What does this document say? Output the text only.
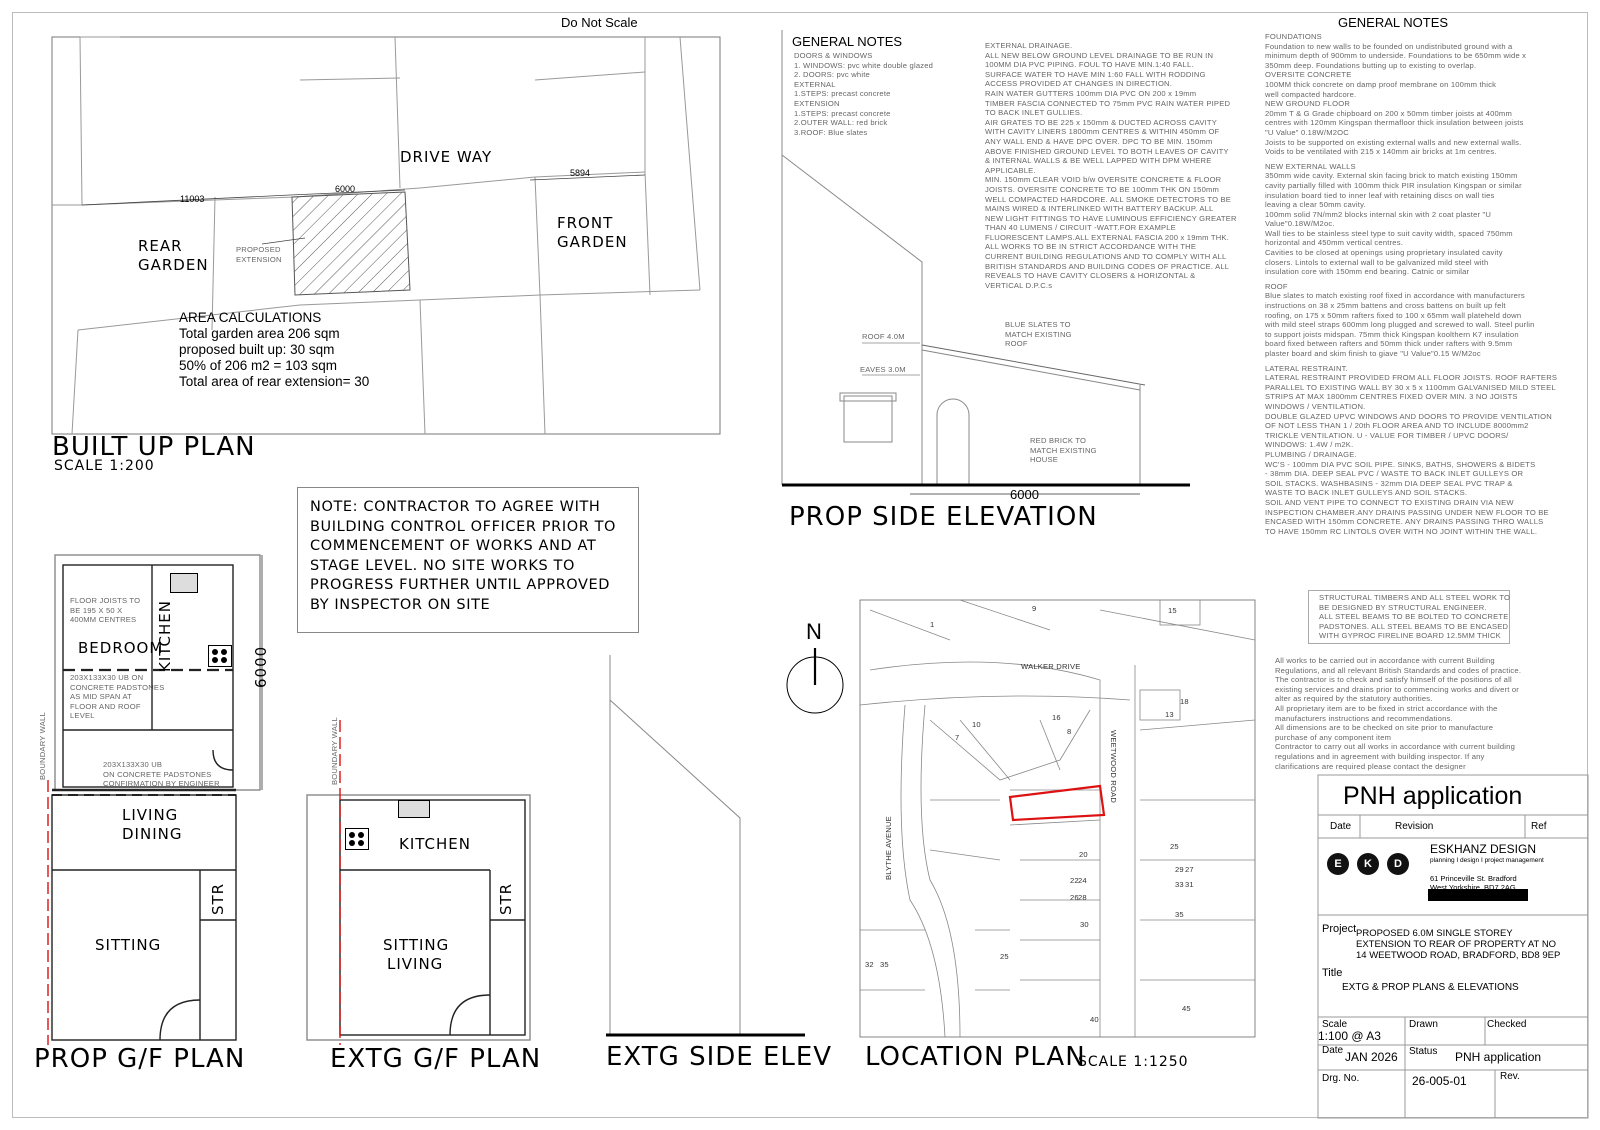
Do Not Scale
DRIVE WAY
REAR
GARDEN
FRONT
GARDEN
PROPOSED
EXTENSION
11003
6000
5894
AREA CALCULATIONS
Total garden area 206 sqm
proposed built up: 30 sqm
50% of 206 m2 = 103 sqm
Total area of rear extension= 30
BUILT UP PLAN
SCALE 1:200
NOTE: CONTRACTOR TO AGREE WITH
BUILDING CONTROL OFFICER PRIOR TO
COMMENCEMENT OF WORKS AND AT
STAGE LEVEL. NO SITE WORKS TO
PROGRESS FURTHER UNTIL APPROVED
BY INSPECTOR ON SITE
FLOOR JOISTS TO
BE 195 X 50 X
400MM CENTRES
BEDROOM
KITCHEN
203X133X30 UB ON
CONCRETE PADSTONES
AS MID SPAN AT
FLOOR AND ROOF
LEVEL
203X133X30 UB
ON CONCRETE PADSTONES
CONFIRMATION BY ENGINEER
BOUNDARY WALL
6000
LIVING
DINING
SITTING
STR
PROP G/F PLAN
KITCHEN
SITTING
LIVING
STR
BOUNDARY WALL
EXTG G/F PLAN EXTG SIDE ELEV
GENERAL NOTES
DOORS & WINDOWS
1. WINDOWS: pvc white double glazed
2. DOORS: pvc white
EXTERNAL
1.STEPS: precast concrete
EXTENSION
1.STEPS: precast concrete
2.OUTER WALL: red brick
3.ROOF: Blue slates
EXTERNAL DRAINAGE.
ALL NEW BELOW GROUND LEVEL DRAINAGE TO BE RUN IN
100MM DIA PVC PIPING. FOUL TO HAVE MIN.1:40 FALL.
SURFACE WATER TO HAVE MIN 1:60 FALL WITH RODDING
ACCESS PROVIDED AT CHANGES IN DIRECTION.
RAIN WATER GUTTERS 100mm DIA PVC ON 200 x 19mm
TIMBER FASCIA CONNECTED TO 75mm PVC RAIN WATER PIPED
TO BACK INLET GULLIES.
AIR GRATES TO BE 225 x 150mm & DUCTED ACROSS CAVITY
WITH CAVITY LINERS 1800mm CENTRES & WITHIN 450mm OF
ANY WALL END & HAVE DPC OVER. DPC TO BE MIN. 150mm
ABOVE FINISHED GROUND LEVEL TO BOTH LEAVES OF CAVITY
& INTERNAL WALLS & BE WELL LAPPED WITH DPM WHERE
APPLICABLE.
MIN. 150mm CLEAR VOID b/w OVERSITE CONCRETE & FLOOR
JOISTS. OVERSITE CONCRETE TO BE 100mm THK ON 150mm
WELL COMPACTED HARDCORE. ALL SMOKE DETECTORS TO BE
MAINS WIRED & INTERLINKED WITH BATTERY BACKUP. ALL
NEW LIGHT FITTINGS TO HAVE LUMINOUS EFFICIENCY GREATER
THAN 40 LUMENS / CIRCUIT -WATT.FOR EXAMPLE
FLUORESCENT LAMPS.ALL EXTERNAL FASCIA 200 x 19mm THK.
ALL WORKS TO BE IN STRICT ACCORDANCE WITH THE
CURRENT BUILDING REGULATIONS AND TO COMPLY WITH ALL
BRITISH STANDARDS AND BUILDING CODES OF PRACTICE. ALL
REVEALS TO HAVE CAVITY CLOSERS & HORIZONTAL &
VERTICAL D.P.C.s
ROOF 4.0M
EAVES 3.0M
BLUE SLATES TO
MATCH EXISTING
ROOF
RED BRICK TO
MATCH EXISTING
HOUSE
6000
PROP SIDE ELEVATION
GENERAL NOTES
FOUNDATIONS
Foundation to new walls to be founded on undistributed ground with a
minimum depth of 900mm to underside. Foundations to be 650mm wide x
350mm deep. Foundations butting up to existing to overlap.
OVERSITE CONCRETE
100MM thick concrete on damp proof membrane on 100mm thick
well compacted hardcore.
NEW GROUND FLOOR
20mm T & G Grade chipboard on 200 x 50mm timber joists at 400mm
centres with 120mm Kingspan thermafloor thick insulation between joists
"U Value" 0.18W/M2OC
Joists to be supported on existing external walls and new external walls.
Voids to be ventilated with 215 x 140mm air bricks at 1m centres.
NEW EXTERNAL WALLS
350mm wide cavity. External skin facing brick to match existing 150mm
cavity partially filled with 100mm thick PIR insulation Kingspan or similar
insulation board tied to inner leaf with retaining discs on wall ties
leaving a clear 50mm cavity.
100mm solid 7N/mm2 blocks internal skin with 2 coat plaster "U
Value"0.18W/M2oc.
Wall ties to be stainless steel type to suit cavity width, spaced 750mm
horizontal and 450mm vertical centres.
Cavities to be closed at openings using proprietary insulated cavity
closers. Lintols to external wall to be galvanized mild steel with
insulation core with 150mm end bearing. Catnic or similar
ROOF
Blue slates to match existing roof fixed in accordance with manufacturers
instructions on 38 x 25mm battens and cross battens on built up felt
roofing, on 175 x 50mm rafters fixed to 100 x 65mm wall plateheld down
with mild steel straps 600mm long plugged and screwed to wall. Steel purlin
to support joists midspan. 75mm thick Kingspan koolthern K7 insulation
board fixed between rafters and 50mm thick under rafters with 9.5mm
plaster board and skim finish to giave "U Value"0.15 W/M2oc
LATERAL RESTRAINT.
LATERAL RESTRAINT PROVIDED FROM ALL FLOOR JOISTS. ROOF RAFTERS
PARALLEL TO EXISTING WALL BY 30 x 5 x 1100mm GALVANISED MILD STEEL
STRIPS AT MAX 1800mm CENTRES FIXED OVER MIN. 3 NO JOISTS
WINDOWS / VENTILATION.
DOUBLE GLAZED UPVC WINDOWS AND DOORS TO PROVIDE VENTILATION
OF NOT LESS THAN 1 / 20th FLOOR AREA AND TO INCLUDE 8000mm2
TRICKLE VENTILATION. U - VALUE FOR TIMBER / UPVC DOORS/
WINDOWS: 1.4W / m2K.
PLUMBING / DRAINAGE.
WC'S - 100mm DIA PVC SOIL PIPE. SINKS, BATHS, SHOWERS & BIDETS
- 38mm DIA. DEEP SEAL PVC / WASTE TO BACK INLET GULLEYS OR
SOIL STACKS. WASHBASINS - 32mm DIA DEEP SEAL PVC TRAP &
WASTE TO BACK INLET GULLEYS AND SOIL STACKS.
SOIL AND VENT PIPE TO CONNECT TO EXISTING DRAIN VIA NEW
INSPECTION CHAMBER.ANY DRAINS PASSING UNDER NEW FLOOR TO BE
ENCASED WITH 150mm CONCRETE. ANY DRAINS PASSING THRO WALLS
TO HAVE 150mm RC LINTOLS OVER WITH NO JOINT WITHIN THE WALL.
STRUCTURAL TIMBERS AND ALL STEEL WORK TO
BE DESIGNED BY STRUCTURAL ENGINEER.
ALL STEEL BEAMS TO BE BOLTED TO CONCRETE
PADSTONES. ALL STEEL BEAMS TO BE ENCASED
WITH GYPROC FIRELINE BOARD 12.5MM THICK
All works to be carried out in accordance with current Building
Regulations, and all relevant British Standards and codes of practice.
The contractor is to check and satisfy himself of the positions of all
existing services and drains prior to commencing works and divert or
alter as required by the statutory authorities.
All proprietary item are to be fixed in strict accordance with the
manufacturers instructions and recommendations.
All dimensions are to be checked on site prior to manufacture
purchase of any component item
Contractor to carry out all works in accordance with current building
regulations and in agreement with building inspector. If any
clarifications are required please contact the designer
N
WALKER DRIVE
WEETWOOD ROAD
BLYTHE AVENUE
9	15
1
18
13
10
7
16
8
20
25
27
31
29
33
35
22 24
26 28
30
32 35
25
45
40
LOCATION PLAN
SCALE 1:1250
PNH application
Date	Revision	Ref
E	K	D
ESKHANZ DESIGN
planning I design I project management
61 Princeville St. Bradford
West Yorkshire. BD7 2AG
Project PROPOSED 6.0M SINGLE STOREY
EXTENSION TO REAR OF PROPERTY AT NO
14 WEETWOOD ROAD, BRADFORD, BD8 9EP
Title
EXTG & PROP PLANS & ELEVATIONS
Scale
1:100 @ A3
Drawn	Checked
Date JAN 2026 Status PNH application
Drg. No.	26-005-01	Rev.
